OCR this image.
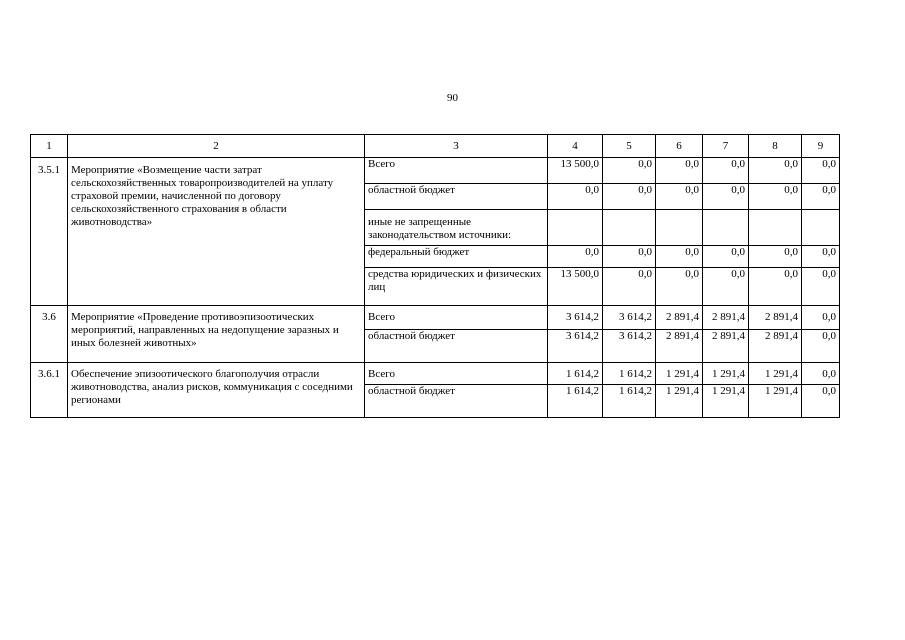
90
1	2	3	4	5	6	7	8	9
3.5.1	Мероприятие «Возмещение части затрат сельскохозяйственных товаропроизводителей на уплату страховой премии, начисленной по договору сельскохозяйственного страхования в области животноводства»	Всего	13 500,0	0,0	0,0	0,0	0,0	0,0
		областной бюджет	0,0	0,0	0,0	0,0	0,0	0,0
		иные не запрещенные законодательством источники:						
		федеральный бюджет	0,0	0,0	0,0	0,0	0,0	0,0
		средства юридических и физических лиц	13 500,0	0,0	0,0	0,0	0,0	0,0
3.6	Мероприятие «Проведение противоэпизоотических мероприятий, направленных на недопущение заразных и иных болезней животных»	Всего	3 614,2	3 614,2	2 891,4	2 891,4	2 891,4	0,0
		областной бюджет	3 614,2	3 614,2	2 891,4	2 891,4	2 891,4	0,0
3.6.1	Обеспечение эпизоотического благополучия отрасли животноводства, анализ рисков, коммуникация с соседними регионами	Всего	1 614,2	1 614,2	1 291,4	1 291,4	1 291,4	0,0
		областной бюджет	1 614,2	1 614,2	1 291,4	1 291,4	1 291,4	0,0
